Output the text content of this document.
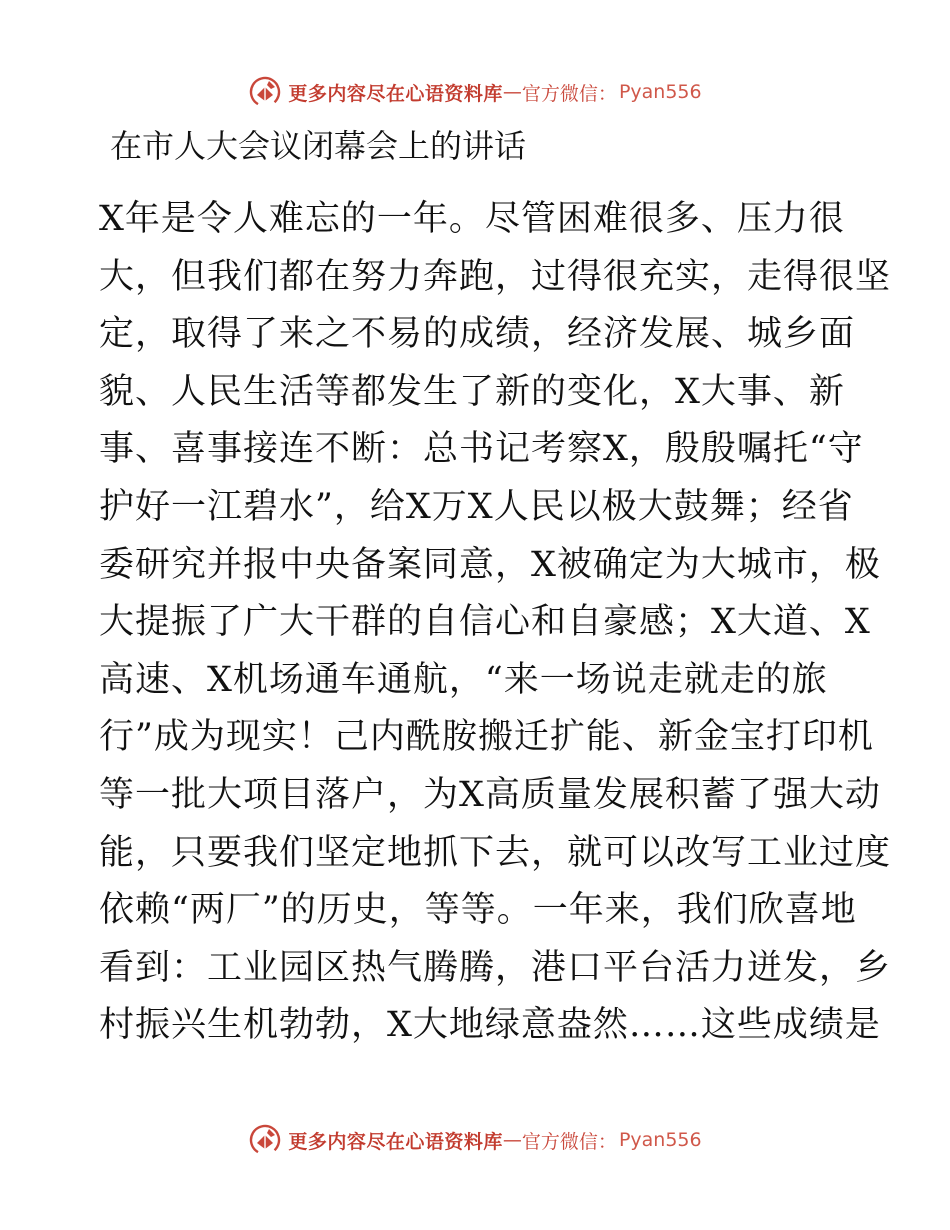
更多内容尽在心语资料库 — 官方微信： Pyan556
在市人大会议闭幕会上的讲话
X年是令人难忘的一年。尽管困难很多、压力很
大，但我们都在努力奔跑，过得很充实，走得很坚
定，取得了来之不易的成绩，经济发展、城乡面
貌、人民生活等都发生了新的变化，X大事、新
事、喜事接连不断：总书记考察X，殷殷嘱托“守
护好一江碧水”，给X万X人民以极大鼓舞；经省
委研究并报中央备案同意，X被确定为大城市，极
大提振了广大干群的自信心和自豪感；X大道、X
高速、X机场通车通航，“来一场说走就走的旅
行”成为现实！己内酰胺搬迁扩能、新金宝打印机
等一批大项目落户，为X高质量发展积蓄了强大动
能，只要我们坚定地抓下去，就可以改写工业过度
依赖“两厂”的历史，等等。一年来，我们欣喜地
看到：工业园区热气腾腾，港口平台活力迸发，乡
村振兴生机勃勃，X大地绿意盎然……这些成绩是
更多内容尽在心语资料库 — 官方微信： Pyan556
